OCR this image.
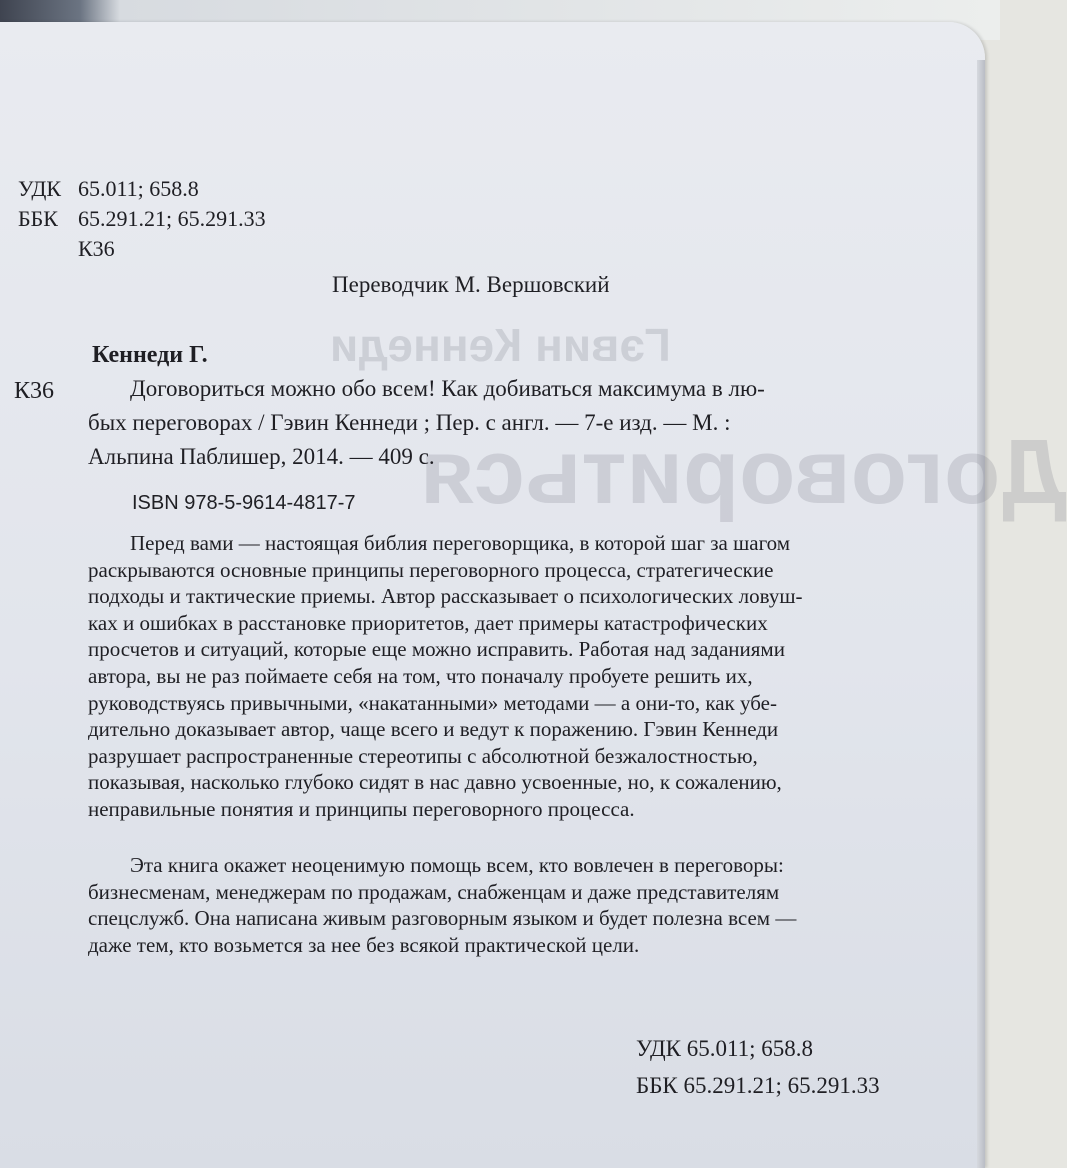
Гэвин Кеннеди
Договориться
УДК 65.011; 658.8
ББК 65.291.21; 65.291.33
К36
Переводчик М. Вершовский
Кеннеди Г.
К36	Договориться можно обо всем! Как добиваться максимума в лю-
бых переговорах / Гэвин Кеннеди ; Пер. с англ. — 7-е изд. — М. :
Альпина Паблишер, 2014. — 409 с.
ISBN 978-5-9614-4817-7
Перед вами — настоящая библия переговорщика, в которой шаг за шагом
раскрываются основные принципы переговорного процесса, стратегические
подходы и тактические приемы. Автор рассказывает о психологических ловуш-
ках и ошибках в расстановке приоритетов, дает примеры катастрофических
просчетов и ситуаций, которые еще можно исправить. Работая над заданиями
автора, вы не раз поймаете себя на том, что поначалу пробуете решить их,
руководствуясь привычными, «накатанными» методами — а они-то, как убе-
дительно доказывает автор, чаще всего и ведут к поражению. Гэвин Кеннеди
разрушает распространенные стереотипы с абсолютной безжалостностью,
показывая, насколько глубоко сидят в нас давно усвоенные, но, к сожалению,
неправильные понятия и принципы переговорного процесса.
Эта книга окажет неоценимую помощь всем, кто вовлечен в переговоры:
бизнесменам, менеджерам по продажам, снабженцам и даже представителям
спецслужб. Она написана живым разговорным языком и будет полезна всем —
даже тем, кто возьмется за нее без всякой практической цели.
УДК 65.011; 658.8
ББК 65.291.21; 65.291.33
